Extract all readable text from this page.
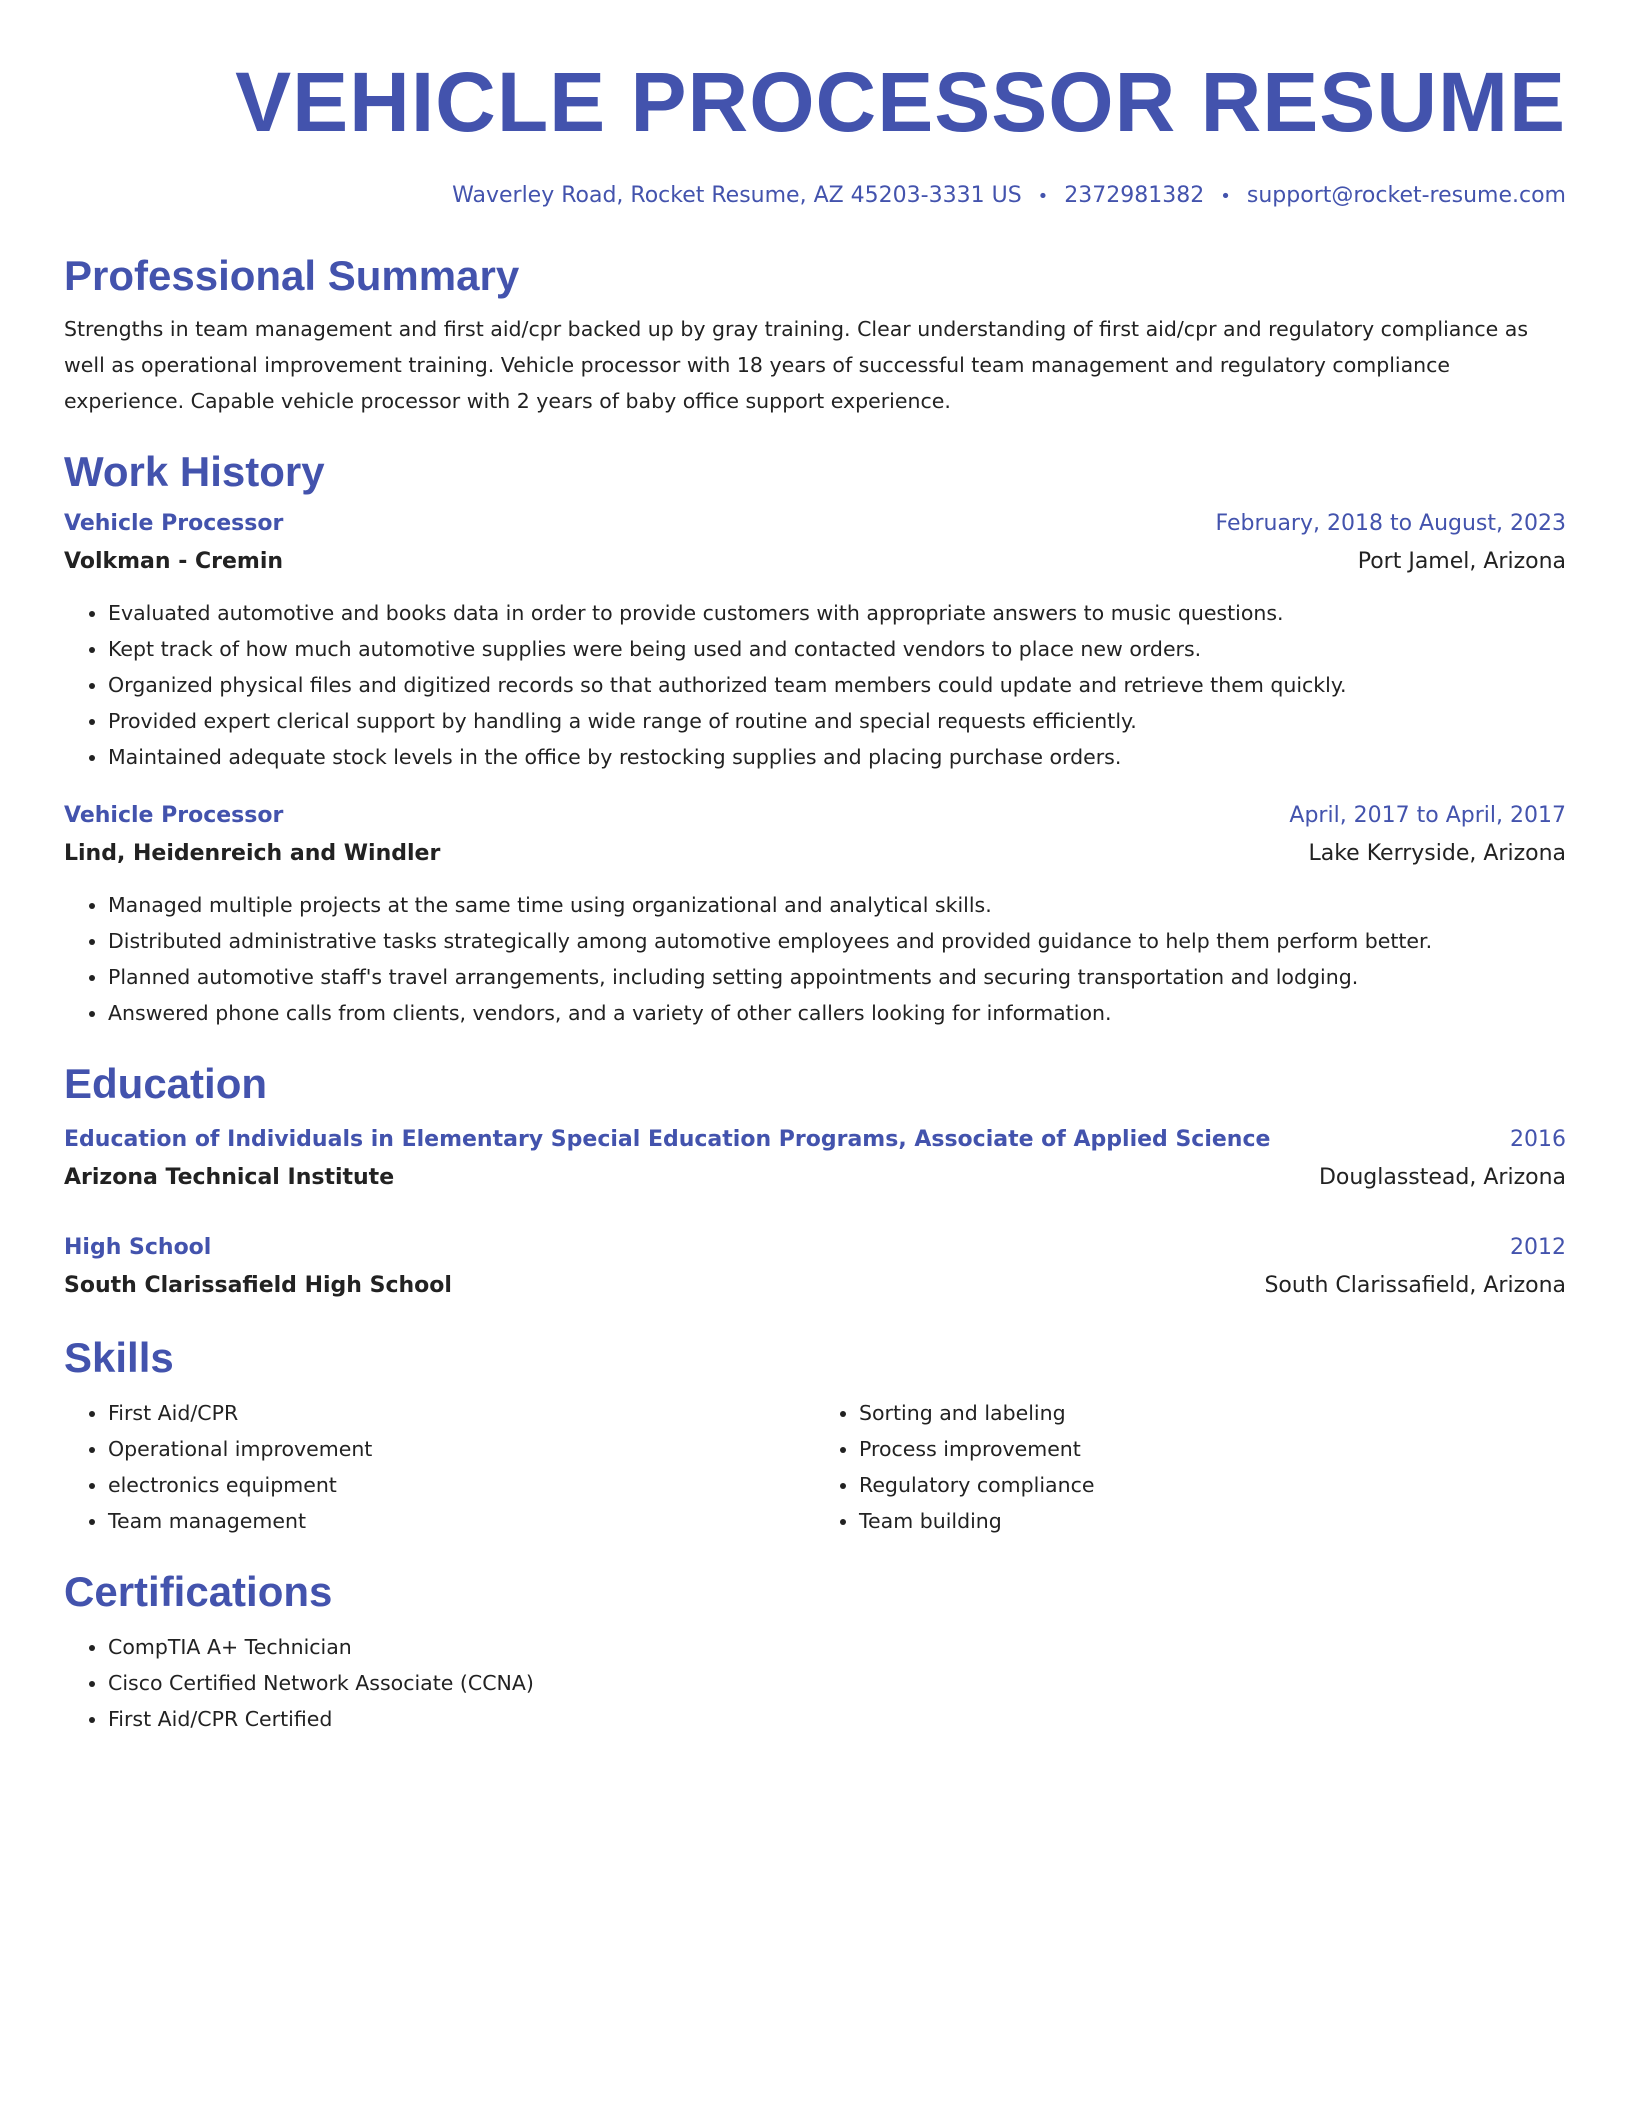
VEHICLE PROCESSOR RESUME
Waverley Road, Rocket Resume, AZ 45203-3331 US • 2372981382 • support@rocket-resume.com
Professional Summary
Strengths in team management and first aid/cpr backed up by gray training. Clear understanding of first aid/cpr and regulatory compliance as well as operational improvement training. Vehicle processor with 18 years of successful team management and regulatory compliance experience. Capable vehicle processor with 2 years of baby office support experience.
Work History
Vehicle Processor	February, 2018 to August, 2023
Volkman - Cremin	Port Jamel, Arizona
• Evaluated automotive and books data in order to provide customers with appropriate answers to music questions.
• Kept track of how much automotive supplies were being used and contacted vendors to place new orders.
• Organized physical files and digitized records so that authorized team members could update and retrieve them quickly.
• Provided expert clerical support by handling a wide range of routine and special requests efficiently.
• Maintained adequate stock levels in the office by restocking supplies and placing purchase orders.
Vehicle Processor	April, 2017 to April, 2017
Lind, Heidenreich and Windler	Lake Kerryside, Arizona
• Managed multiple projects at the same time using organizational and analytical skills.
• Distributed administrative tasks strategically among automotive employees and provided guidance to help them perform better.
• Planned automotive staff's travel arrangements, including setting appointments and securing transportation and lodging.
• Answered phone calls from clients, vendors, and a variety of other callers looking for information.
Education
Education of Individuals in Elementary Special Education Programs, Associate of Applied Science	2016
Arizona Technical Institute	Douglasstead, Arizona
High School	2012
South Clarissafield High School	South Clarissafield, Arizona
Skills
• First Aid/CPR
• Operational improvement
• electronics equipment
• Team management
• Sorting and labeling
• Process improvement
• Regulatory compliance
• Team building
Certifications
• CompTIA A+ Technician
• Cisco Certified Network Associate (CCNA)
• First Aid/CPR Certified
